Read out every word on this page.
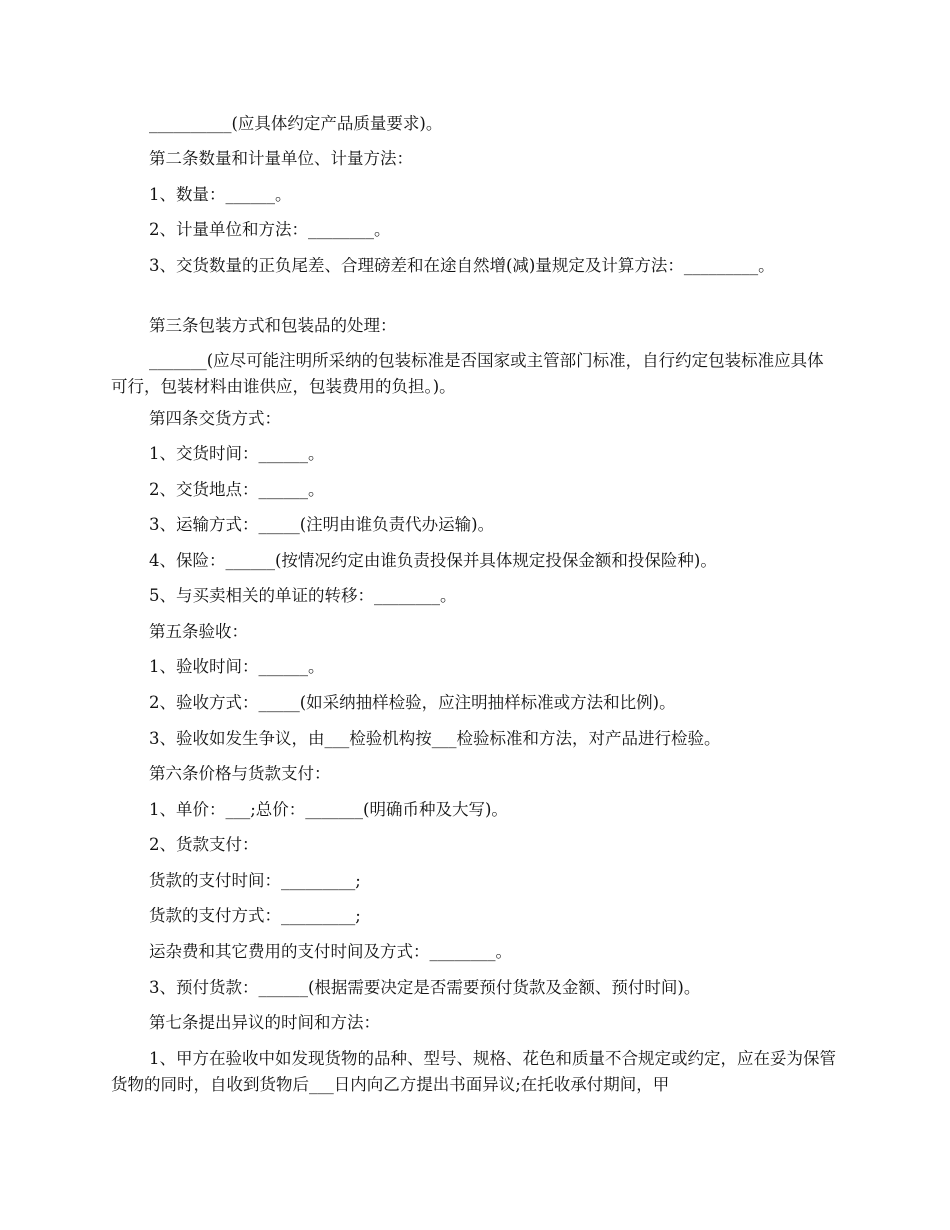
__________(应具体约定产品质量要求)。

第二条数量和计量单位、计量方法：

1、数量：______。

2、计量单位和方法：________。

3、交货数量的正负尾差、合理磅差和在途自然增(减)量规定及计算方法：_________。

第三条包装方式和包装品的处理：

_______(应尽可能注明所采纳的包装标准是否国家或主管部门标准，自行约定包装标准应具体可行，包装材料由谁供应，包装费用的负担。)。

第四条交货方式：

1、交货时间：______。

2、交货地点：______。

3、运输方式：_____(注明由谁负责代办运输)。

4、保险：______(按情况约定由谁负责投保并具体规定投保金额和投保险种)。

5、与买卖相关的单证的转移：________。

第五条验收：

1、验收时间：______。

2、验收方式：_____(如采纳抽样检验，应注明抽样标准或方法和比例)。

3、验收如发生争议，由___检验机构按___检验标准和方法，对产品进行检验。

第六条价格与货款支付：

1、单价：___;总价：_______(明确币种及大写)。

2、货款支付：

货款的支付时间：_________;

货款的支付方式：_________;

运杂费和其它费用的支付时间及方式：________。

3、预付货款：______(根据需要决定是否需要预付货款及金额、预付时间)。

第七条提出异议的时间和方法：

1、甲方在验收中如发现货物的品种、型号、规格、花色和质量不合规定或约定，应在妥为保管货物的同时，自收到货物后___日内向乙方提出书面异议;在托收承付期间，甲
